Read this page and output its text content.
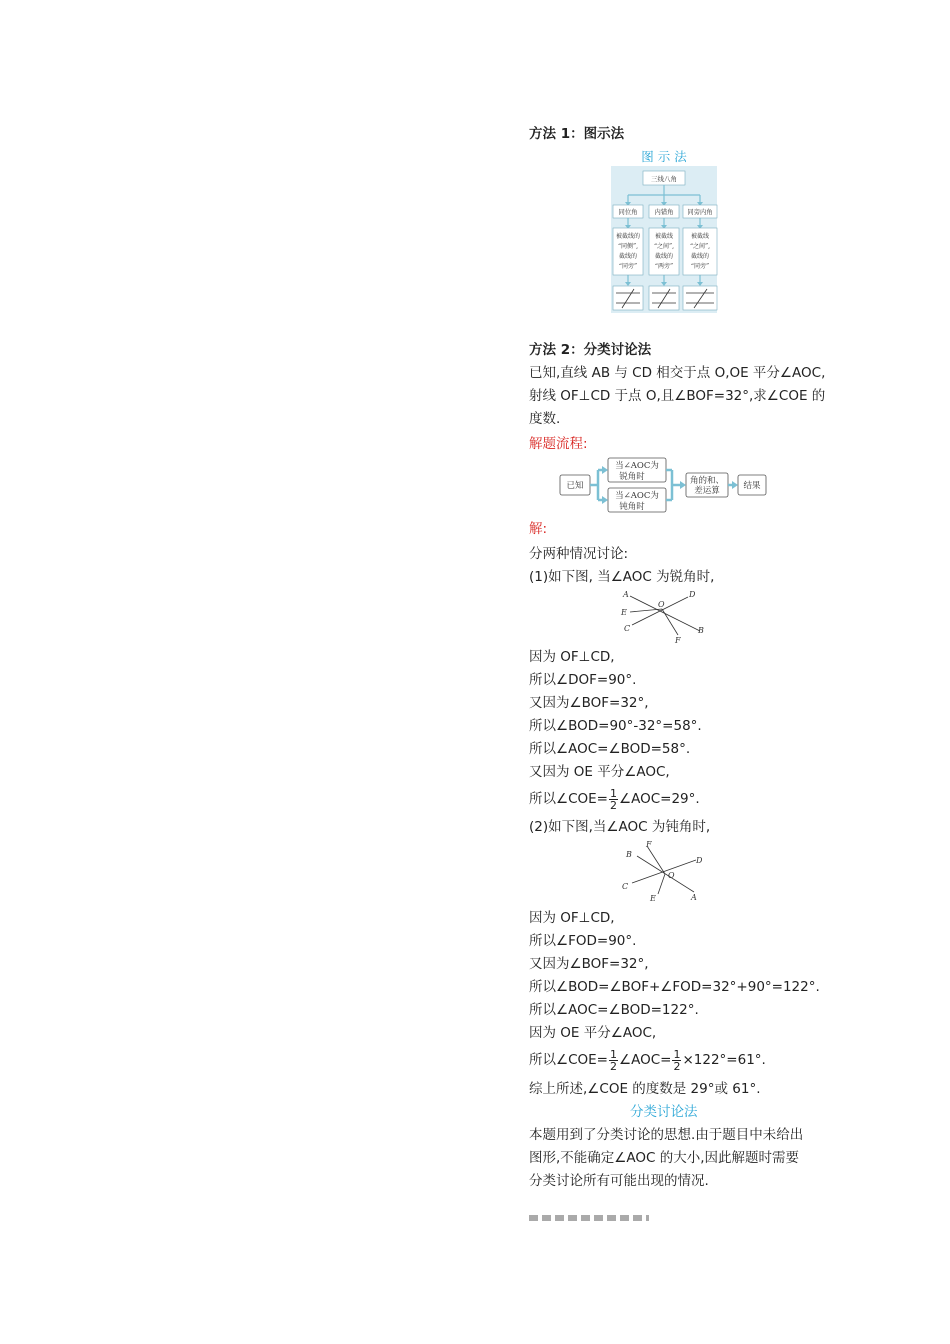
方法 1：图示法
图 示 法
三线八角
同位角	内错角 同旁内角
被截线的
“同侧”,
截线的
“同旁”
被截线
“之间”,
截线的
“两旁”
被截线
“之间”,
截线的
“同旁”
方法 2：分类讨论法
已知,直线 AB 与 CD 相交于点 O,OE 平分∠AOC,
射线 OF⊥CD 于点 O,且∠BOF=32°,求∠COE 的
度数.
解题流程:
已知
当∠AOC为
锐角时
当∠AOC为
钝角时
角的和、
差运算	结果
解:
分两种情况讨论:
(1)如下图, 当∠AOC 为锐角时,
A	D
O
E
C	B
F
因为 OF⊥CD,
所以∠DOF=90°.
又因为∠BOF=32°,
所以∠BOD=90°-32°=58°.
所以∠AOC=∠BOD=58°.
又因为 OE 平分∠AOC,
所以∠COE= $\frac{1}{2}$ ∠AOC=29°.
(2)如下图,当∠AOC 为钝角时,
F
B
D
O
C
E	A
因为 OF⊥CD,
所以∠FOD=90°.
又因为∠BOF=32°,
所以∠BOD=∠BOF+∠FOD=32°+90°=122°.
所以∠AOC=∠BOD=122°.
因为 OE 平分∠AOC,
所以∠COE= $\frac{1}{2}$ ∠AOC= $\frac{1}{2} \times 122^\circ=61^\circ$.
综上所述,∠COE 的度数是 29°或 61°.
分类讨论法
本题用到了分类讨论的思想.由于题目中未给出
图形,不能确定∠AOC 的大小,因此解题时需要
分类讨论所有可能出现的情况.
